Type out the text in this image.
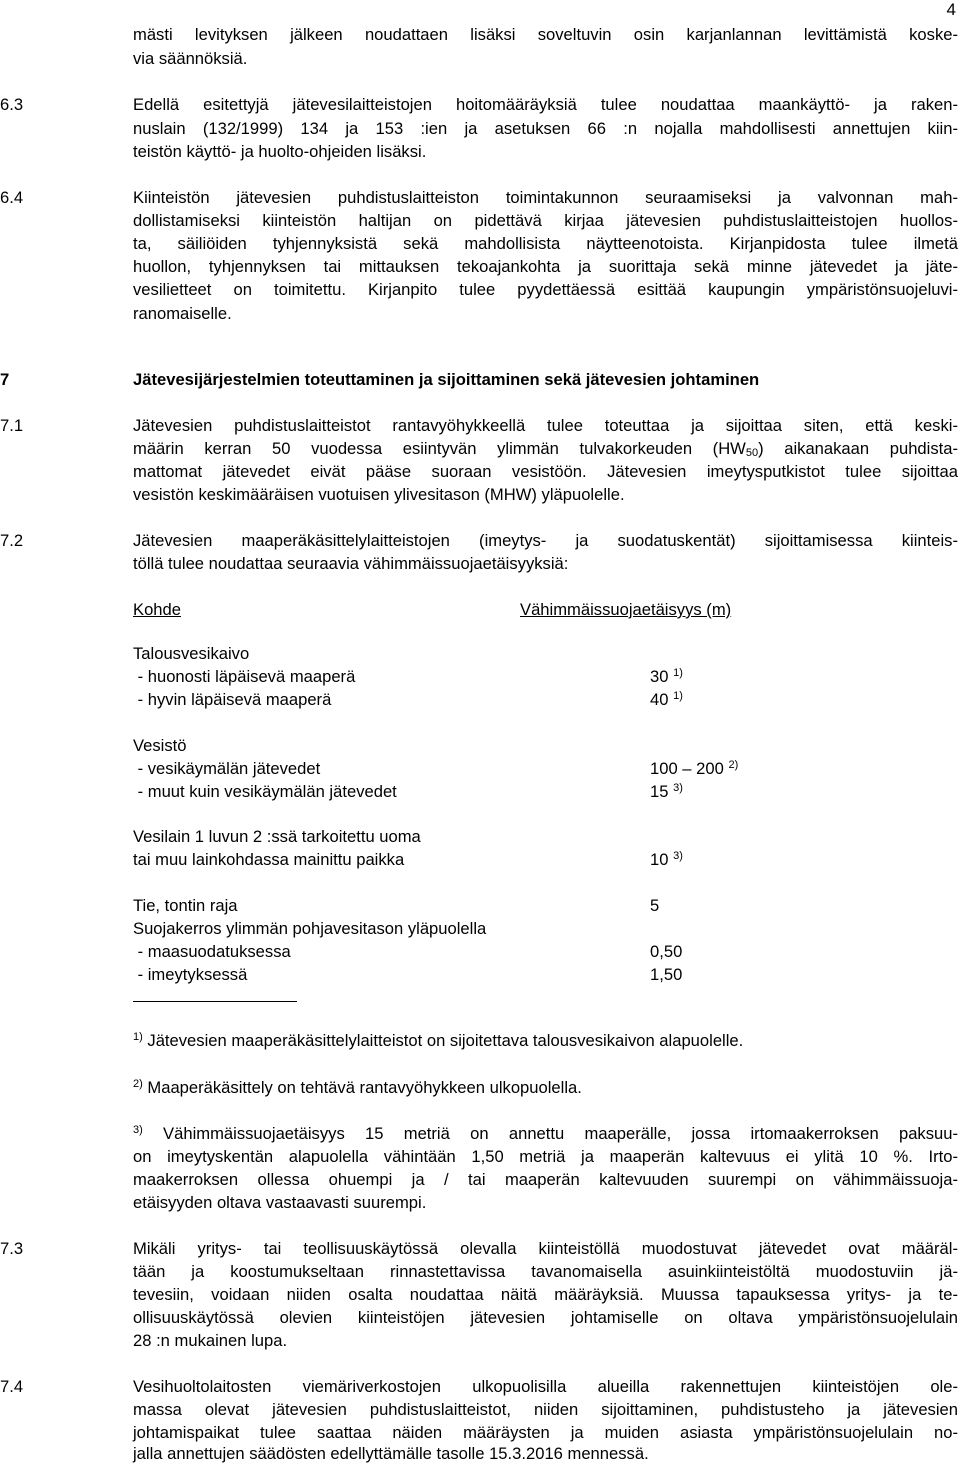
4
mästi levityksen jälkeen noudattaen lisäksi soveltuvin osin karjanlannan levittämistä koske-
via säännöksiä.
6.3	Edellä esitettyjä jätevesilaitteistojen hoitomääräyksiä tulee noudattaa maankäyttö- ja raken-
nuslain (132/1999) 134 ja 153 :ien ja asetuksen 66 :n nojalla mahdollisesti annettujen kiin-
teistön käyttö- ja huolto-ohjeiden lisäksi.
6.4	Kiinteistön jätevesien puhdistuslaitteiston toimintakunnon seuraamiseksi ja valvonnan mah-
dollistamiseksi kiinteistön haltijan on pidettävä kirjaa jätevesien puhdistuslaitteistojen huollos-
ta, säiliöiden tyhjennyksistä sekä mahdollisista näytteenotoista. Kirjanpidosta tulee ilmetä
huollon, tyhjennyksen tai mittauksen tekoajankohta ja suorittaja sekä minne jätevedet ja jäte-
vesilietteet on toimitettu. Kirjanpito tulee pyydettäessä esittää kaupungin ympäristönsuojeluvi-
ranomaiselle.
7	Jätevesijärjestelmien toteuttaminen ja sijoittaminen sekä jätevesien johtaminen
7.1	Jätevesien puhdistuslaitteistot rantavyöhykkeellä tulee toteuttaa ja sijoittaa siten, että keski-
määrin kerran 50 vuodessa esiintyvän ylimmän tulvakorkeuden $(HW_{50})$ aikanakaan puhdista-
mattomat jätevedet eivät pääse suoraan vesistöön. Jätevesien imeytysputkistot tulee sijoittaa
vesistön keskimääräisen vuotuisen ylivesitason (MHW) yläpuolelle.
7.2	Jätevesien maaperäkäsittelylaitteistojen (imeytys- ja suodatuskentät) sijoittamisessa kiinteis-
töllä tulee noudattaa seuraavia vähimmäissuojaetäisyyksiä:
Kohde	Vähimmäissuojaetäisyys (m)
Talousvesikaivo
- huonosti läpäisevä maaperä	30 $^{1)}$
- hyvin läpäisevä maaperä	40 $^{1)}$
Vesistö
- vesikäymälän jätevedet	100 – 200 $^{2)}$
- muut kuin vesikäymälän jätevedet	15 $^{3)}$
Vesilain 1 luvun 2 :ssä tarkoitettu uoma
tai muu lainkohdassa mainittu paikka	10 $^{3)}$
Tie, tontin raja	5
Suojakerros ylimmän pohjavesitason yläpuolella
- maasuodatuksessa	0,50
- imeytyksessä	1,50
$^{1)}$ Jätevesien maaperäkäsittelylaitteistot on sijoitettava talousvesikaivon alapuolelle.
$^{2)}$ Maaperäkäsittely on tehtävä rantavyöhykkeen ulkopuolella.
$^{3)}$ Vähimmäissuojaetäisyys 15 metriä on annettu maaperälle, jossa irtomaakerroksen paksuu-
on imeytyskentän alapuolella vähintään 1,50 metriä ja maaperän kaltevuus ei ylitä 10 %. Irto-
maakerroksen ollessa ohuempi ja / tai maaperän kaltevuuden suurempi on vähimmäissuoja-
etäisyyden oltava vastaavasti suurempi.
7.3	Mikäli yritys- tai teollisuuskäytössä olevalla kiinteistöllä muodostuvat jätevedet ovat määräl-
tään ja koostumukseltaan rinnastettavissa tavanomaisella asuinkiinteistöltä muodostuviin jä-
tevesiin, voidaan niiden osalta noudattaa näitä määräyksiä. Muussa tapauksessa yritys- ja te-
ollisuuskäytössä olevien kiinteistöjen jätevesien johtamiselle on oltava ympäristönsuojelulain
28 :n mukainen lupa.
7.4	Vesihuoltolaitosten viemäriverkostojen ulkopuolisilla alueilla rakennettujen kiinteistöjen ole-
massa olevat jätevesien puhdistuslaitteistot, niiden sijoittaminen, puhdistusteho ja jätevesien
johtamispaikat tulee saattaa näiden määräysten ja muiden asiasta ympäristönsuojelulain no-
jalla annettujen säädösten edellyttämälle tasolle 15.3.2016 mennessä.
